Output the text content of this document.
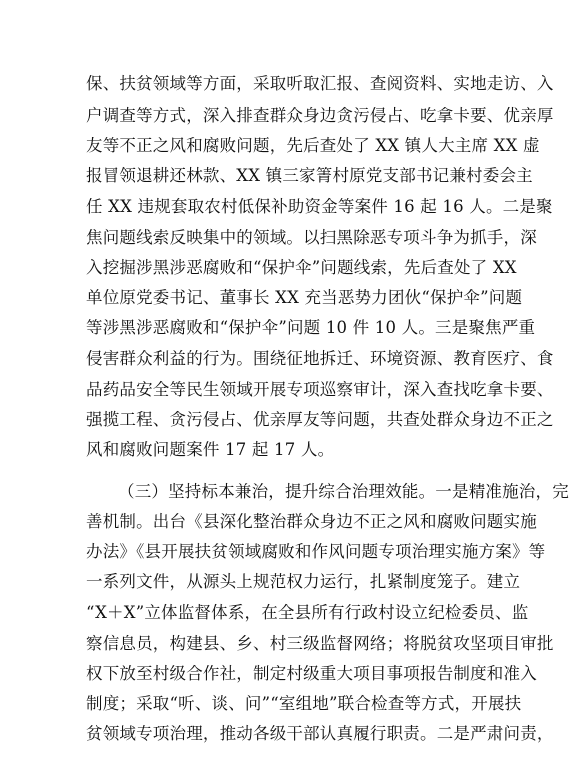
保、扶贫领域等方面，采取听取汇报、查阅资料、实地走访、入
户调查等方式，深入排查群众身边贪污侵占、吃拿卡要、优亲厚
友等不正之风和腐败问题，先后查处了 XX 镇人大主席 XX 虚
报冒领退耕还林款、XX 镇三家箐村原党支部书记兼村委会主
任 XX 违规套取农村低保补助资金等案件 16 起 16 人。二是聚
焦问题线索反映集中的领域。以扫黑除恶专项斗争为抓手，深
入挖掘涉黑涉恶腐败和“保护伞”问题线索，先后查处了 XX
单位原党委书记、董事长 XX 充当恶势力团伙“保护伞”问题
等涉黑涉恶腐败和“保护伞”问题 10 件 10 人。三是聚焦严重
侵害群众利益的行为。围绕征地拆迁、环境资源、教育医疗、食
品药品安全等民生领域开展专项巡察审计，深入查找吃拿卡要、
强揽工程、贪污侵占、优亲厚友等问题，共查处群众身边不正之
风和腐败问题案件 17 起 17 人。
（三）坚持标本兼治，提升综合治理效能。一是精准施治，完
善机制。出台《县深化整治群众身边不正之风和腐败问题实施
办法》《县开展扶贫领域腐败和作风问题专项治理实施方案》等
一系列文件，从源头上规范权力运行，扎紧制度笼子。建立
“X＋X”立体监督体系，在全县所有行政村设立纪检委员、监
察信息员，构建县、乡、村三级监督网络；将脱贫攻坚项目审批
权下放至村级合作社，制定村级重大项目事项报告制度和准入
制度；采取“听、谈、问”“室组地”联合检查等方式，开展扶
贫领域专项治理，推动各级干部认真履行职责。二是严肃问责，
